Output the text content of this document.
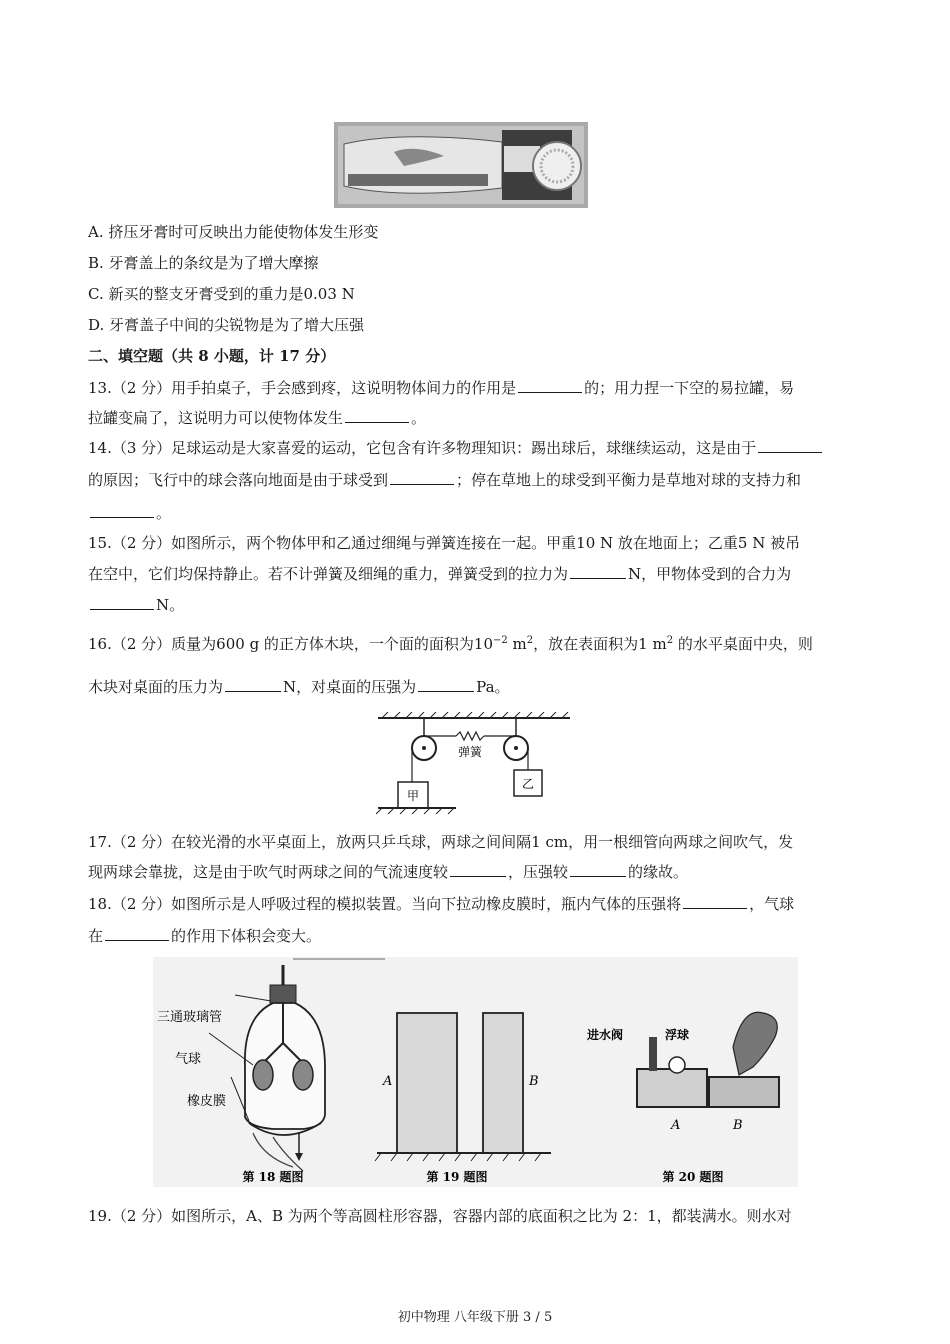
A. 挤压牙膏时可反映出力能使物体发生形变
B. 牙膏盖上的条纹是为了增大摩擦
C. 新买的整支牙膏受到的重力是0.03 N
D. 牙膏盖子中间的尖锐物是为了增大压强
二、填空题（共 8 小题，计 17 分）
13.（2 分）用手拍桌子，手会感到疼，这说明物体间力的作用是	的；用力捏一下空的易拉罐，易
拉罐变扁了，这说明力可以使物体发生	。
14.（3 分）足球运动是大家喜爱的运动，它包含有许多物理知识：踢出球后，球继续运动，这是由于
的原因；飞行中的球会落向地面是由于球受到	；停在草地上的球受到平衡力是草地对球的支持力和
。
15.（2 分）如图所示，两个物体甲和乙通过细绳与弹簧连接在一起。甲重10 N 放在地面上；乙重5 N 被吊
在空中，它们均保持静止。若不计弹簧及细绳的重力，弹簧受到的拉力为	N，甲物体受到的合力为
N。
16.（2 分）质量为600 g 的正方体木块，一个面的面积为$10^{-2}$ $m^2$，放在表面积为1 $m^2$ 的水平桌面中央，则
木块对桌面的压力为	N，对桌面的压强为	Pa。
弹簧
甲
乙
17.（2 分）在较光滑的水平桌面上，放两只乒乓球，两球之间间隔1 cm，用一根细管向两球之间吹气，发
现两球会靠拢，这是由于吹气时两球之间的气流速度较	，压强较	的缘故。
18.（2 分）如图所示是人呼吸过程的模拟装置。当向下拉动橡皮膜时，瓶内气体的压强将	，气球
在	的作用下体积会变大。
三通玻璃管
气球
橡皮膜
第 18 题图
A	B
第 19 题图
进水阀	浮球
A	B
第 20 题图
19.（2 分）如图所示，A、B 为两个等高圆柱形容器，容器内部的底面积之比为 2：1，都装满水。则水对
初中物理 八年级下册 3 / 5
